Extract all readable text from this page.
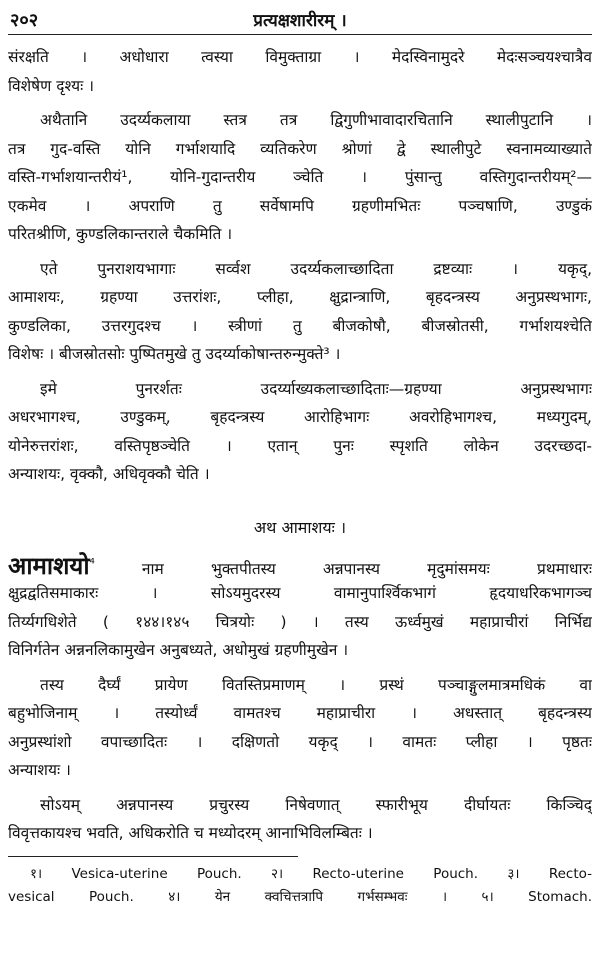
२०२	प्रत्यक्षशारीरम् ।
संरक्षति । अधोधारा त्वस्या विमुक्ताग्रा । मेदस्विनामुदरे मेदःसञ्चयश्चात्रैव
विशेषेण दृश्यः ।
अथैतानि उदर्य्यकलाया स्तत्र तत्र द्विगुणीभावादारचितानि स्थालीपुटानि ।
तत्र गुद-वस्ति योनि गर्भाशयादि व्यतिकरेण श्रोणां द्वे स्थालीपुटे स्वनामव्याख्याते
वस्ति-गर्भाशयान्तरीयं¹, योनि-गुदान्तरीय ञ्चेति । पुंसान्तु वस्तिगुदान्तरीयम्²—
एकमेव । अपराणि तु सर्वेषामपि ग्रहणीमभितः पञ्चषाणि, उण्डुकं
परितश्रीणि, कुण्डलिकान्तराले चैकमिति ।
एते पुनराशयभागाः सर्व्वश उदर्य्यकलाच्छादिता द्रष्टव्याः । यकृद्,
आमाशयः, ग्रहण्या उत्तरांशः, प्लीहा, क्षुद्रान्त्राणि, बृहदन्त्रस्य अनुप्रस्थभागः,
कुण्डलिका, उत्तरगुदश्च । स्त्रीणां तु बीजकोषौ, बीजस्रोतसी, गर्भाशयश्चेति
विशेषः । बीजस्रोतसोः पुष्पितमुखे तु उदर्य्याकोषान्तरुन्मुक्ते³ ।
इमे पुनरर्शतः उदर्य्याख्यकलाच्छादिताः—ग्रहण्या अनुप्रस्थभागः
अधरभागश्च, उण्डुकम्, बृहदन्त्रस्य आरोहिभागः अवरोहिभागश्च, मध्यगुदम्,
योनेरुत्तरांशः, वस्तिपृष्ठञ्चेति । एतान् पुनः स्पृशति लोकेन उदरच्छदा-
अन्याशयः, वृक्कौ, अधिवृक्कौ चेति ।
अथ आमाशयः ।
आमाशयो$^{^4}$ नाम भुक्तपीतस्य अन्नपानस्य मृदुमांसमयः प्रथमाधारः
क्षुद्रद्वतिसमाकारः । सोऽयमुदरस्य वामानुपार्श्विकभागं हृदयाधरिकभागञ्च
तिर्य्यगधिशेते ( १४४।१४५ चित्रयोः ) । तस्य ऊर्ध्वमुखं महाप्राचीरां निर्भिद्य
विनिर्गतेन अन्ननलिकामुखेन अनुबध्यते, अधोमुखं ग्रहणीमुखेन ।
तस्य दैर्घ्यं प्रायेण वितस्तिप्रमाणम् । प्रस्थं पञ्चाङ्गुलमात्रमधिकं वा
बहुभोजिनाम् । तस्योर्ध्वं वामतश्च महाप्राचीरा । अधस्तात् बृहदन्त्रस्य
अनुप्रस्थांशो वपाच्छादितः । दक्षिणतो यकृद् । वामतः प्लीहा । पृष्ठतः
अन्याशयः ।
सोऽयम् अन्नपानस्य प्रचुरस्य निषेवणात् स्फारीभूय दीर्घायतः किञ्चिद्
विवृत्तकायश्च भवति, अधिकरोति च मध्योदरम् आनाभिविलम्बितः ।
१। Vesica-uterine Pouch. २। Recto-uterine Pouch. ३। Recto-
vesical Pouch. ४। येन क्वचित्तत्रापि गर्भसम्भवः । ५। Stomach.
